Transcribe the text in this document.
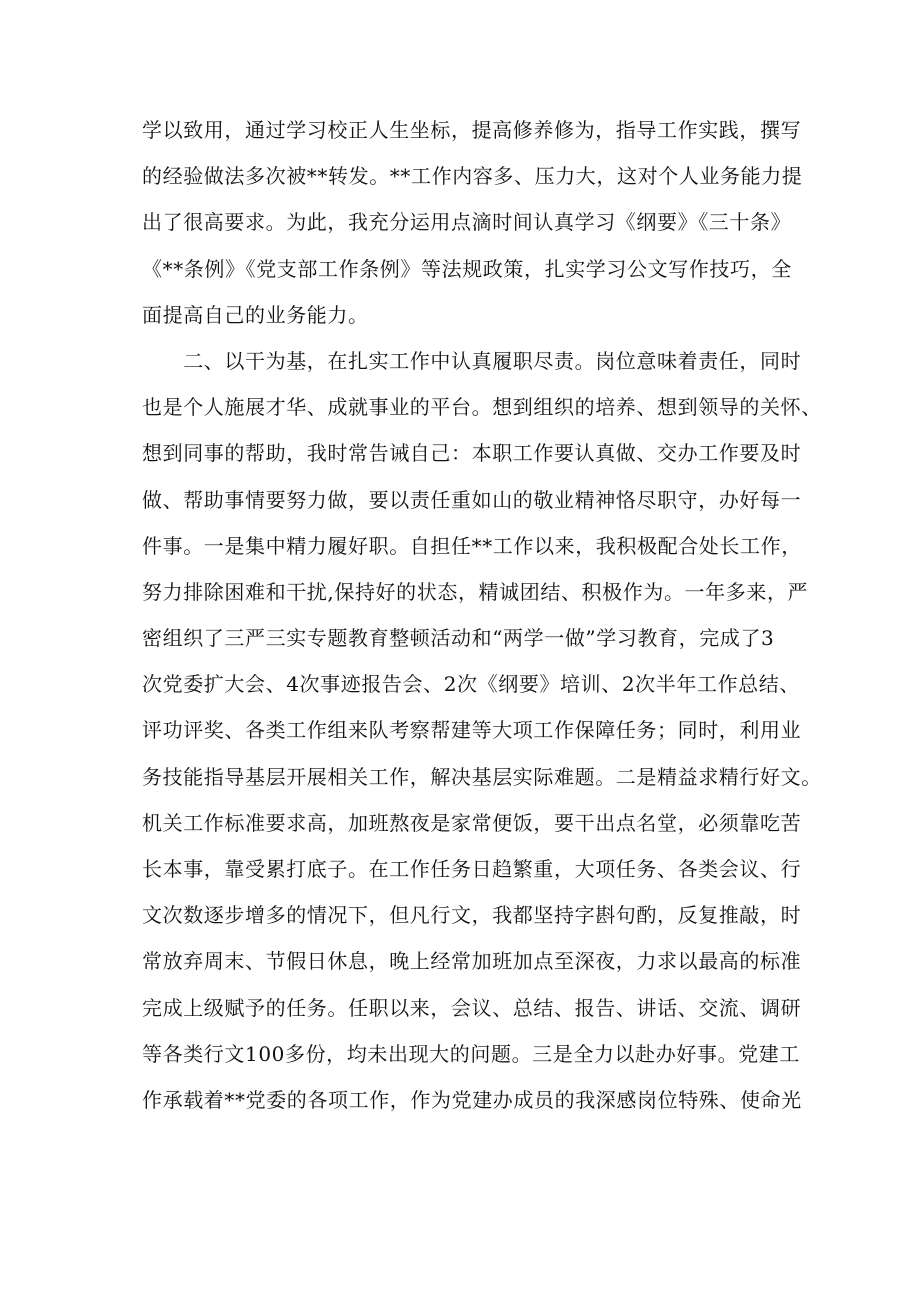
学以致用，通过学习校正人生坐标，提高修养修为，指导工作实践，撰写
的经验做法多次被**转发。**工作内容多、压力大，这对个人业务能力提
出了很高要求。为此，我充分运用点滴时间认真学习《纲要》《三十条》
《**条例》《党支部工作条例》等法规政策，扎实学习公文写作技巧，全
面提高自己的业务能力。
　　二、以干为基，在扎实工作中认真履职尽责。岗位意味着责任，同时
也是个人施展才华、成就事业的平台。想到组织的培养、想到领导的关怀、
想到同事的帮助，我时常告诫自己：本职工作要认真做、交办工作要及时
做、帮助事情要努力做，要以责任重如山的敬业精神恪尽职守，办好每一
件事。一是集中精力履好职。自担任**工作以来，我积极配合处长工作，
努力排除困难和干扰,保持好的状态，精诚团结、积极作为。一年多来，严
密组织了三严三实专题教育整顿活动和“两学一做”学习教育，完成了3
次党委扩大会、4次事迹报告会、2次《纲要》培训、2次半年工作总结、
评功评奖、各类工作组来队考察帮建等大项工作保障任务；同时，利用业
务技能指导基层开展相关工作，解决基层实际难题。二是精益求精行好文。
机关工作标准要求高，加班熬夜是家常便饭，要干出点名堂，必须靠吃苦
长本事，靠受累打底子。在工作任务日趋繁重，大项任务、各类会议、行
文次数逐步增多的情况下，但凡行文，我都坚持字斟句酌，反复推敲，时
常放弃周末、节假日休息，晚上经常加班加点至深夜，力求以最高的标准
完成上级赋予的任务。任职以来，会议、总结、报告、讲话、交流、调研
等各类行文100多份，均未出现大的问题。三是全力以赴办好事。党建工
作承载着**党委的各项工作，作为党建办成员的我深感岗位特殊、使命光
